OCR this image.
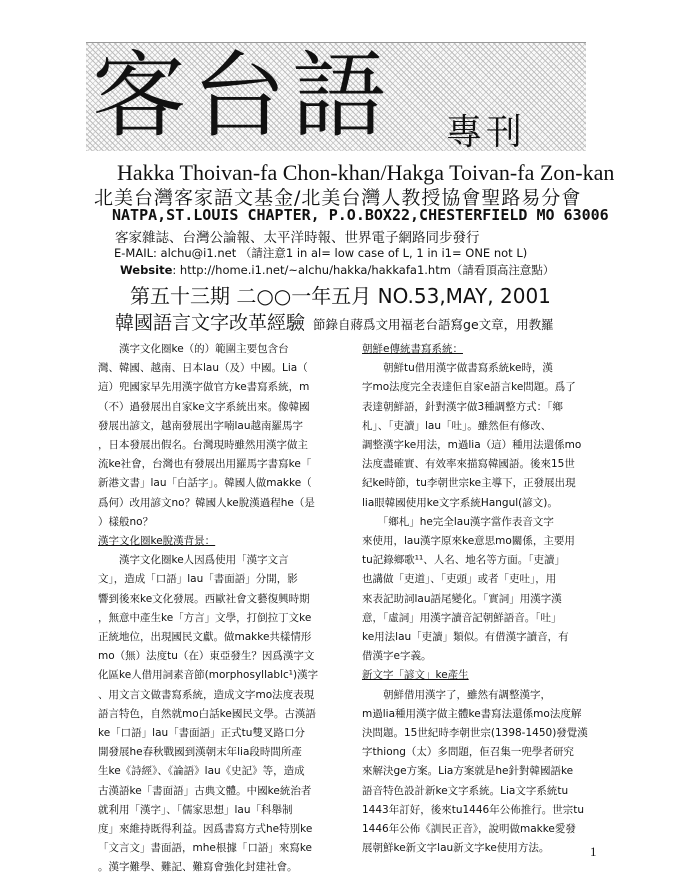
客台語 專刊
Hakka Thoivan-fa Chon-khan/Hakga Toivan-fa Zon-kan
北美台灣客家語文基金/北美台灣人教授協會聖路易分會
NATPA,ST.LOUIS CHAPTER, P.O.BOX22,CHESTERFIELD MO 63006
客家雜誌、台灣公論報、太平洋時報、世界電子網路同步發行
E-MAIL: alchu@i1.net （請注意1 in al= low case of L, 1 in i1= ONE not L)
Website: http://home.i1.net/~alchu/hakka/hakkafa1.htm（請看頂高注意點）
第五十三期 二○○一年五月 NO.53,MAY, 2001
韓國語言文字改革經驗 節錄自蔣爲文用福老台語寫ge文章，用教羅

　　漢字文化圈ke（的）範圍主要包含台

灣、韓國、越南、日本lau（及）中國。Lia（

這）兜國家早先用漢字做官方ke書寫系統，m

（不）過發展出自家ke文字系統出來。像韓國

發展出諺文，越南發展出字喃lau越南羅馬字

，日本發展出假名。台灣現時雖然用漢字做主

流ke社會，台灣也有發展出用羅馬字書寫ke「

新港文書」lau「白話字」。韓國人做makke（

爲何）改用諺文no？韓國人ke脫漢過程he（是

）樣般no？

漢字文化圈ke脫漢背景：

　　漢字文化圈ke人因爲使用「漢字文言

文」，造成「口語」lau「書面語」分開，影

響到後來ke文化發展。西歐社會文藝復興時期

，無意中產生ke「方言」文學，打倒拉丁文ke

正統地位，出現國民文獻。做makke共樣情形

mo（無）法度tu（在）東亞發生？因爲漢字文

化區ke人借用詞素音節(morphosyllablc¹)漢字

、用文言文做書寫系統，造成文字mo法度表現

語言特色，自然就mo白話ke國民文學。古漢語

ke「口語」lau「書面語」正式tu雙叉路口分

開發展he春秋戰國到漢朝末年lia段時間所產

生ke《詩經》、《論語》lau《史記》等，造成

古漢語ke「書面語」古典文體。中國ke統治者

就利用「漢字」、「儒家思想」lau「科舉制

度」來維持既得利益。因爲書寫方式he特別ke

「文言文」書面語，mhe根據「口語」來寫ke

。漢字難學、難記、難寫會強化封建社會。

朝鮮e傳統書寫系統：

　　朝鮮tu借用漢字做書寫系統ke時，漢

字mo法度完全表達佢自家e語言ke問題。爲了

表達朝鮮語，針對漢字做3種調整方式：「鄉

札」、「吏讀」lau「吐」。雖然佢有修改、

調整漢字ke用法，m過lia（這）種用法還係mo

法度盡確實、有效率來描寫韓國語。後來15世

紀ke時節，tu李朝世宗ke主導下，正發展出現

lia眼韓國使用ke文字系統Hangul(諺文)。

　　「鄉札」he完全lau漢字當作表音文字

來使用，lau漢字原來ke意思mo關係，主要用

tu記錄鄉歌¹¹、人名、地名等方面。「吏讀」

也講做「吏道」、「吏頭」或者「吏吐」，用

來表記助詞lau語尾變化。「實詞」用漢字漢

意，「虛詞」用漢字讀音記朝鮮語音。「吐」

ke用法lau「吏讀」類似。有借漢字讀音，有

借漢字e字義。

新文字「諺文」ke產生

　　朝鮮借用漢字了，雖然有調整漢字，

m過lia種用漢字做主體ke書寫法還係mo法度解

決問題。15世紀時李朝世宗(1398-1450)發覺漢

字thiong（太）多問題，佢召集一兜學者研究

來解決ge方案。Lia方案就是he針對韓國語ke

語音特色設計新ke文字系統。Lia文字系統tu

1443年訂好，後來tu1446年公佈推行。世宗tu

1446年公佈《訓民正音》，說明做makke愛發

展朝鮮ke新文字lau新文字ke使用方法。	1
